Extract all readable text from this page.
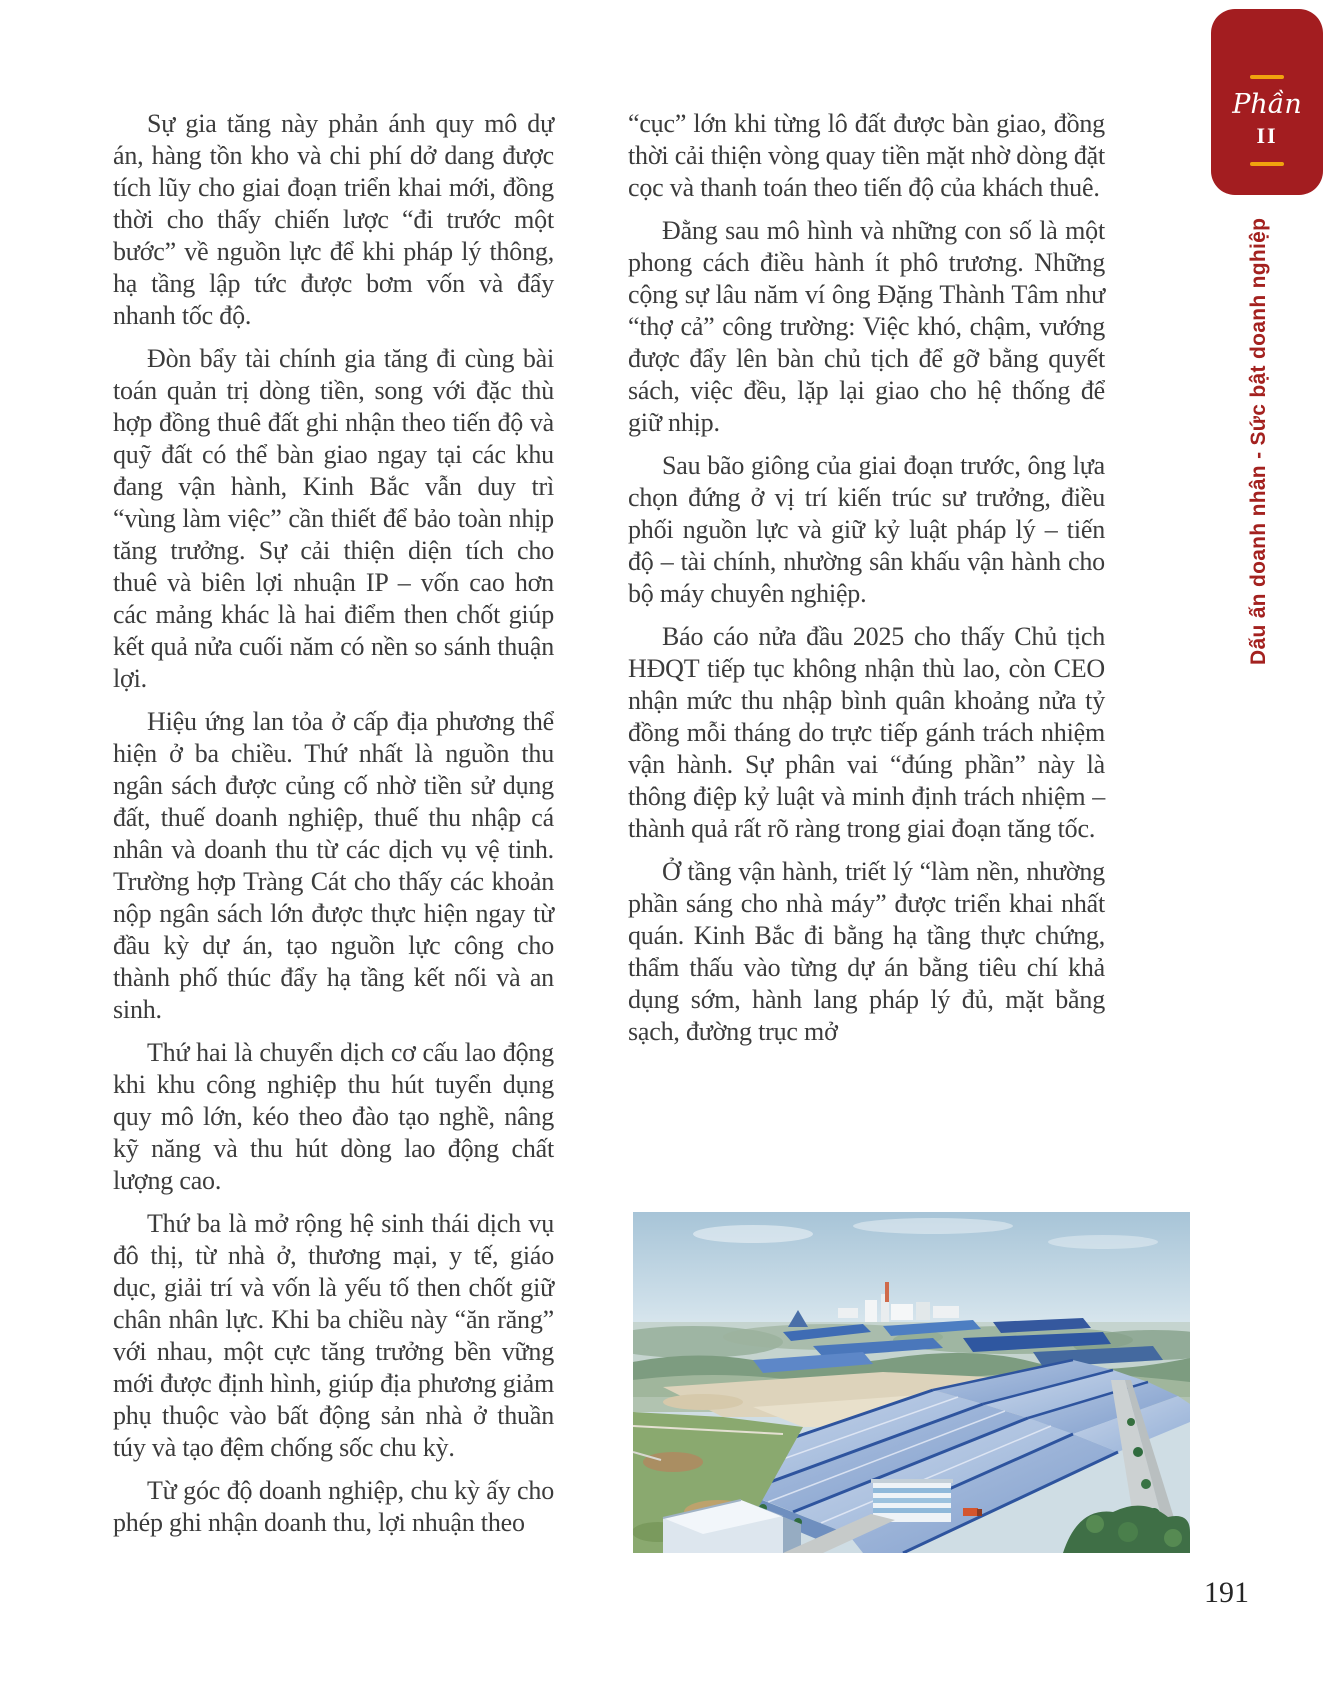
Sự gia tăng này phản ánh quy mô dự án, hàng tồn kho và chi phí dở dang được tích lũy cho giai đoạn triển khai mới, đồng thời cho thấy chiến lược “đi trước một bước” về nguồn lực để khi pháp lý thông, hạ tầng lập tức được bơm vốn và đẩy nhanh tốc độ.

Đòn bẩy tài chính gia tăng đi cùng bài toán quản trị dòng tiền, song với đặc thù hợp đồng thuê đất ghi nhận theo tiến độ và quỹ đất có thể bàn giao ngay tại các khu đang vận hành, Kinh Bắc vẫn duy trì “vùng làm việc” cần thiết để bảo toàn nhịp tăng trưởng. Sự cải thiện diện tích cho thuê và biên lợi nhuận IP – vốn cao hơn các mảng khác là hai điểm then chốt giúp kết quả nửa cuối năm có nền so sánh thuận lợi.

Hiệu ứng lan tỏa ở cấp địa phương thể hiện ở ba chiều. Thứ nhất là nguồn thu ngân sách được củng cố nhờ tiền sử dụng đất, thuế doanh nghiệp, thuế thu nhập cá nhân và doanh thu từ các dịch vụ vệ tinh. Trường hợp Tràng Cát cho thấy các khoản nộp ngân sách lớn được thực hiện ngay từ đầu kỳ dự án, tạo nguồn lực công cho thành phố thúc đẩy hạ tầng kết nối và an sinh.

Thứ hai là chuyển dịch cơ cấu lao động khi khu công nghiệp thu hút tuyển dụng quy mô lớn, kéo theo đào tạo nghề, nâng kỹ năng và thu hút dòng lao động chất lượng cao.

Thứ ba là mở rộng hệ sinh thái dịch vụ đô thị, từ nhà ở, thương mại, y tế, giáo dục, giải trí và vốn là yếu tố then chốt giữ chân nhân lực. Khi ba chiều này “ăn răng” với nhau, một cực tăng trưởng bền vững mới được định hình, giúp địa phương giảm phụ thuộc vào bất động sản nhà ở thuần túy và tạo đệm chống sốc chu kỳ.

Từ góc độ doanh nghiệp, chu kỳ ấy cho phép ghi nhận doanh thu, lợi nhuận theo

“cục” lớn khi từng lô đất được bàn giao, đồng thời cải thiện vòng quay tiền mặt nhờ dòng đặt cọc và thanh toán theo tiến độ của khách thuê.

Đằng sau mô hình và những con số là một phong cách điều hành ít phô trương. Những cộng sự lâu năm ví ông Đặng Thành Tâm như “thợ cả” công trường: Việc khó, chậm, vướng được đẩy lên bàn chủ tịch để gỡ bằng quyết sách, việc đều, lặp lại giao cho hệ thống để giữ nhịp.

Sau bão giông của giai đoạn trước, ông lựa chọn đứng ở vị trí kiến trúc sư trưởng, điều phối nguồn lực và giữ kỷ luật pháp lý – tiến độ – tài chính, nhường sân khấu vận hành cho bộ máy chuyên nghiệp.

Báo cáo nửa đầu 2025 cho thấy Chủ tịch HĐQT tiếp tục không nhận thù lao, còn CEO nhận mức thu nhập bình quân khoảng nửa tỷ đồng mỗi tháng do trực tiếp gánh trách nhiệm vận hành. Sự phân vai “đúng phần” này là thông điệp kỷ luật và minh định trách nhiệm – thành quả rất rõ ràng trong giai đoạn tăng tốc.

Ở tầng vận hành, triết lý “làm nền, nhường phần sáng cho nhà máy” được triển khai nhất quán. Kinh Bắc đi bằng hạ tầng thực chứng, thẩm thấu vào từng dự án bằng tiêu chí khả dụng sớm, hành lang pháp lý đủ, mặt bằng sạch, đường trục mở

Phần
II
Dấu ấn doanh nhân - Sức bật doanh nghiệp
191
